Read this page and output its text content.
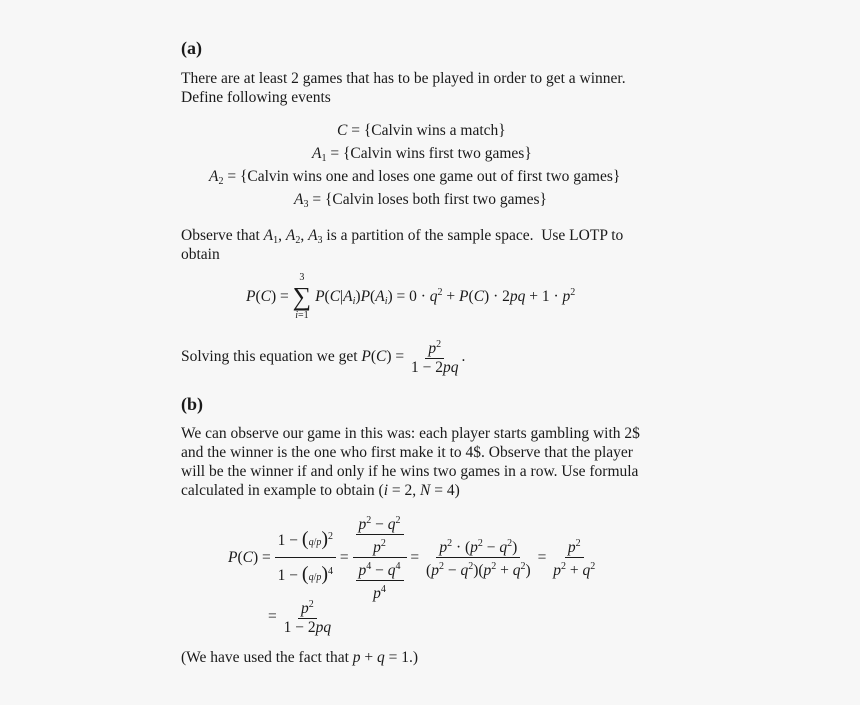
(a)
There are at least 2 games that has to be played in order to get a winner.
Define following events
C = {Calvin wins a match}
$A_1$ = {Calvin wins first two games}
$A_2$ = {Calvin wins one and loses one game out of first two games}
$A_3$ = {Calvin loses both first two games}
Observe that $A_1$, $A_2$, $A_3$ is a partition of the sample space.  Use LOTP to
obtain
P(C) =
3
∑
i=1
$P(C|A_i)P(A_i) = 0 \cdot q^2 + P(C) \cdot 2pq + 1 \cdot p^2$
Solving this equation we get $P(C) = \frac{p^2}{1 - 2pq}$ .
(b)
We can observe our game in this was: each player starts gambling with 2$
and the winner is the one who first make it to 4$. Observe that the player
will be the winner if and only if he wins two games in a row. Use formula
calculated in example to obtain (i = 2, N = 4)
$P(C) = \frac{1 - (q/p)^2}{1 - (q/p)^4} = \frac{\frac{p^2 - q^2}{p^2}}{\frac{p^4 - q^4}{p^4}} = \frac{p^2 \cdot (p^2 - q^2)}{(p^2 - q^2)(p^2 + q^2)} = \frac{p^2}{p^2 + q^2}$
= $\frac{p^2}{1 - 2pq}$
(We have used the fact that p + q = 1.)
